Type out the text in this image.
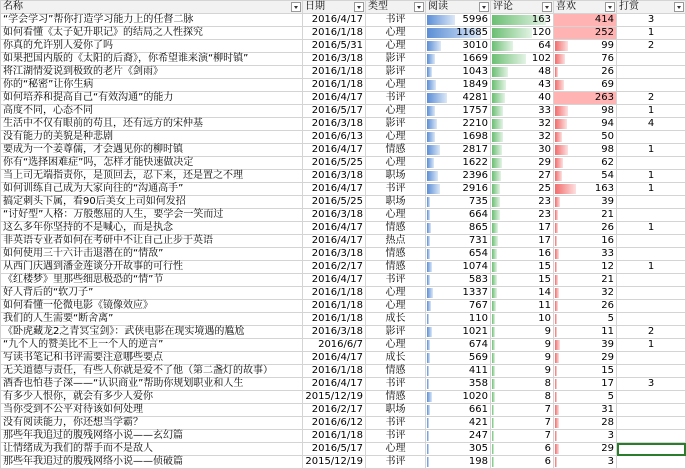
名称	日期	类型	阅读	评论	喜欢	打赏

“学会学习”帮你打造学习能力上的任督二脉	2016/4/17	书评	5996	163	414	3
如何看懂《太子妃升职记》的结局之人性探究	2016/1/18	心理	11685	120	252	1
你真的允许别人爱你了吗	2016/5/31	心理	3010	64	99	2
如果把国内版的《太阳的后裔》，你希望谁来演“柳时镇”	2016/3/18	影评	1669	102	76	
将江湖情爱说到极致的老片《剑雨》	2016/1/18	影评	1043	48	26	
你的“秘密”让你生病	2016/1/18	心理	1849	43	69	
如何培养和提高自己“有效沟通”的能力	2016/4/17	书评	4281	40	263	2
高度不同，心态不同	2016/5/17	心理	1757	33	98	1
生活中不仅有眼前的苟且，还有远方的宋仲基	2016/3/18	影评	2210	32	94	4
没有能力的美貌是种悲剧	2016/6/13	心理	1698	32	50	
要成为一个姜尊儒，才会遇见你的柳时镇	2016/4/17	情感	2817	30	98	1
你有“选择困难症”吗，怎样才能快速做决定	2016/5/25	心理	1622	29	62	
当上司无端指责你，是顶回去，忍下来，还是置之不理	2016/3/18	职场	2396	27	54	1
如何训练自己成为大家向往的“沟通高手”	2016/4/17	书评	2916	25	163	1
搞定刺头下属，看90后美女上司如何发招	2016/5/25	职场	735	23	39	
“讨好型”人格：万般憋屈的人生，要学会一笑而过	2016/3/18	心理	664	23	21	
这么多年你坚持的不是喊心，而是执念	2016/4/17	情感	865	17	26	1
非英语专业者如何在考研中不让自己止步于英语	2016/4/17	热点	731	17	16	
如何使用三十六计击退潜在的“情敌”	2016/3/18	情感	654	16	33	
从西门庆遇到潘金莲谈分开故事的可行性	2016/2/17	情感	1074	15	12	1
《红楼梦》里那些细思极恐的“情”节	2016/4/17	书评	583	15	21	
好人背后的“软刀子”	2016/1/18	心理	1337	14	32	
如何看懂一伦微电影《镜像效应》	2016/1/18	心理	767	11	26	
我们的人生需要“断舍离”	2016/1/18	成长	110	10	5	
《卧虎藏龙2之青冥宝剑》：武侠电影在现实境遇的尴尬	2016/3/18	影评	1021	9	11	2
“九个人的赞美比不上一个人的逆言”	2016/6/7	心理	674	9	39	1
写读书笔记和书评需要注意哪些要点	2016/4/17	成长	569	9	29	
无关道德与责任，有些人你就是爱不了他（第二盏灯的故事）	2016/1/18	情感	411	9	15	
酒香也怕巷子深——“认识商业”帮助你规划职业和人生	2016/4/17	书评	358	8	17	3
有多少人恨你，就会有多少人爱你	2015/12/19	情感	1020	8	5	
当你受到不公平对待该如何处理	2016/2/17	职场	661	7	31	
没有阅读能力，你还想当学霸？	2016/6/12	书评	421	7	28	
那些年我追过的腹残网络小说——玄幻篇	2016/1/18	书评	247	7	3	
让情绪成为我们的帮手而不是敌人	2016/5/17	心理	305	6	29	
那些年我追过的腹残网络小说——侦破篇	2015/12/19	书评	198	6	3	
